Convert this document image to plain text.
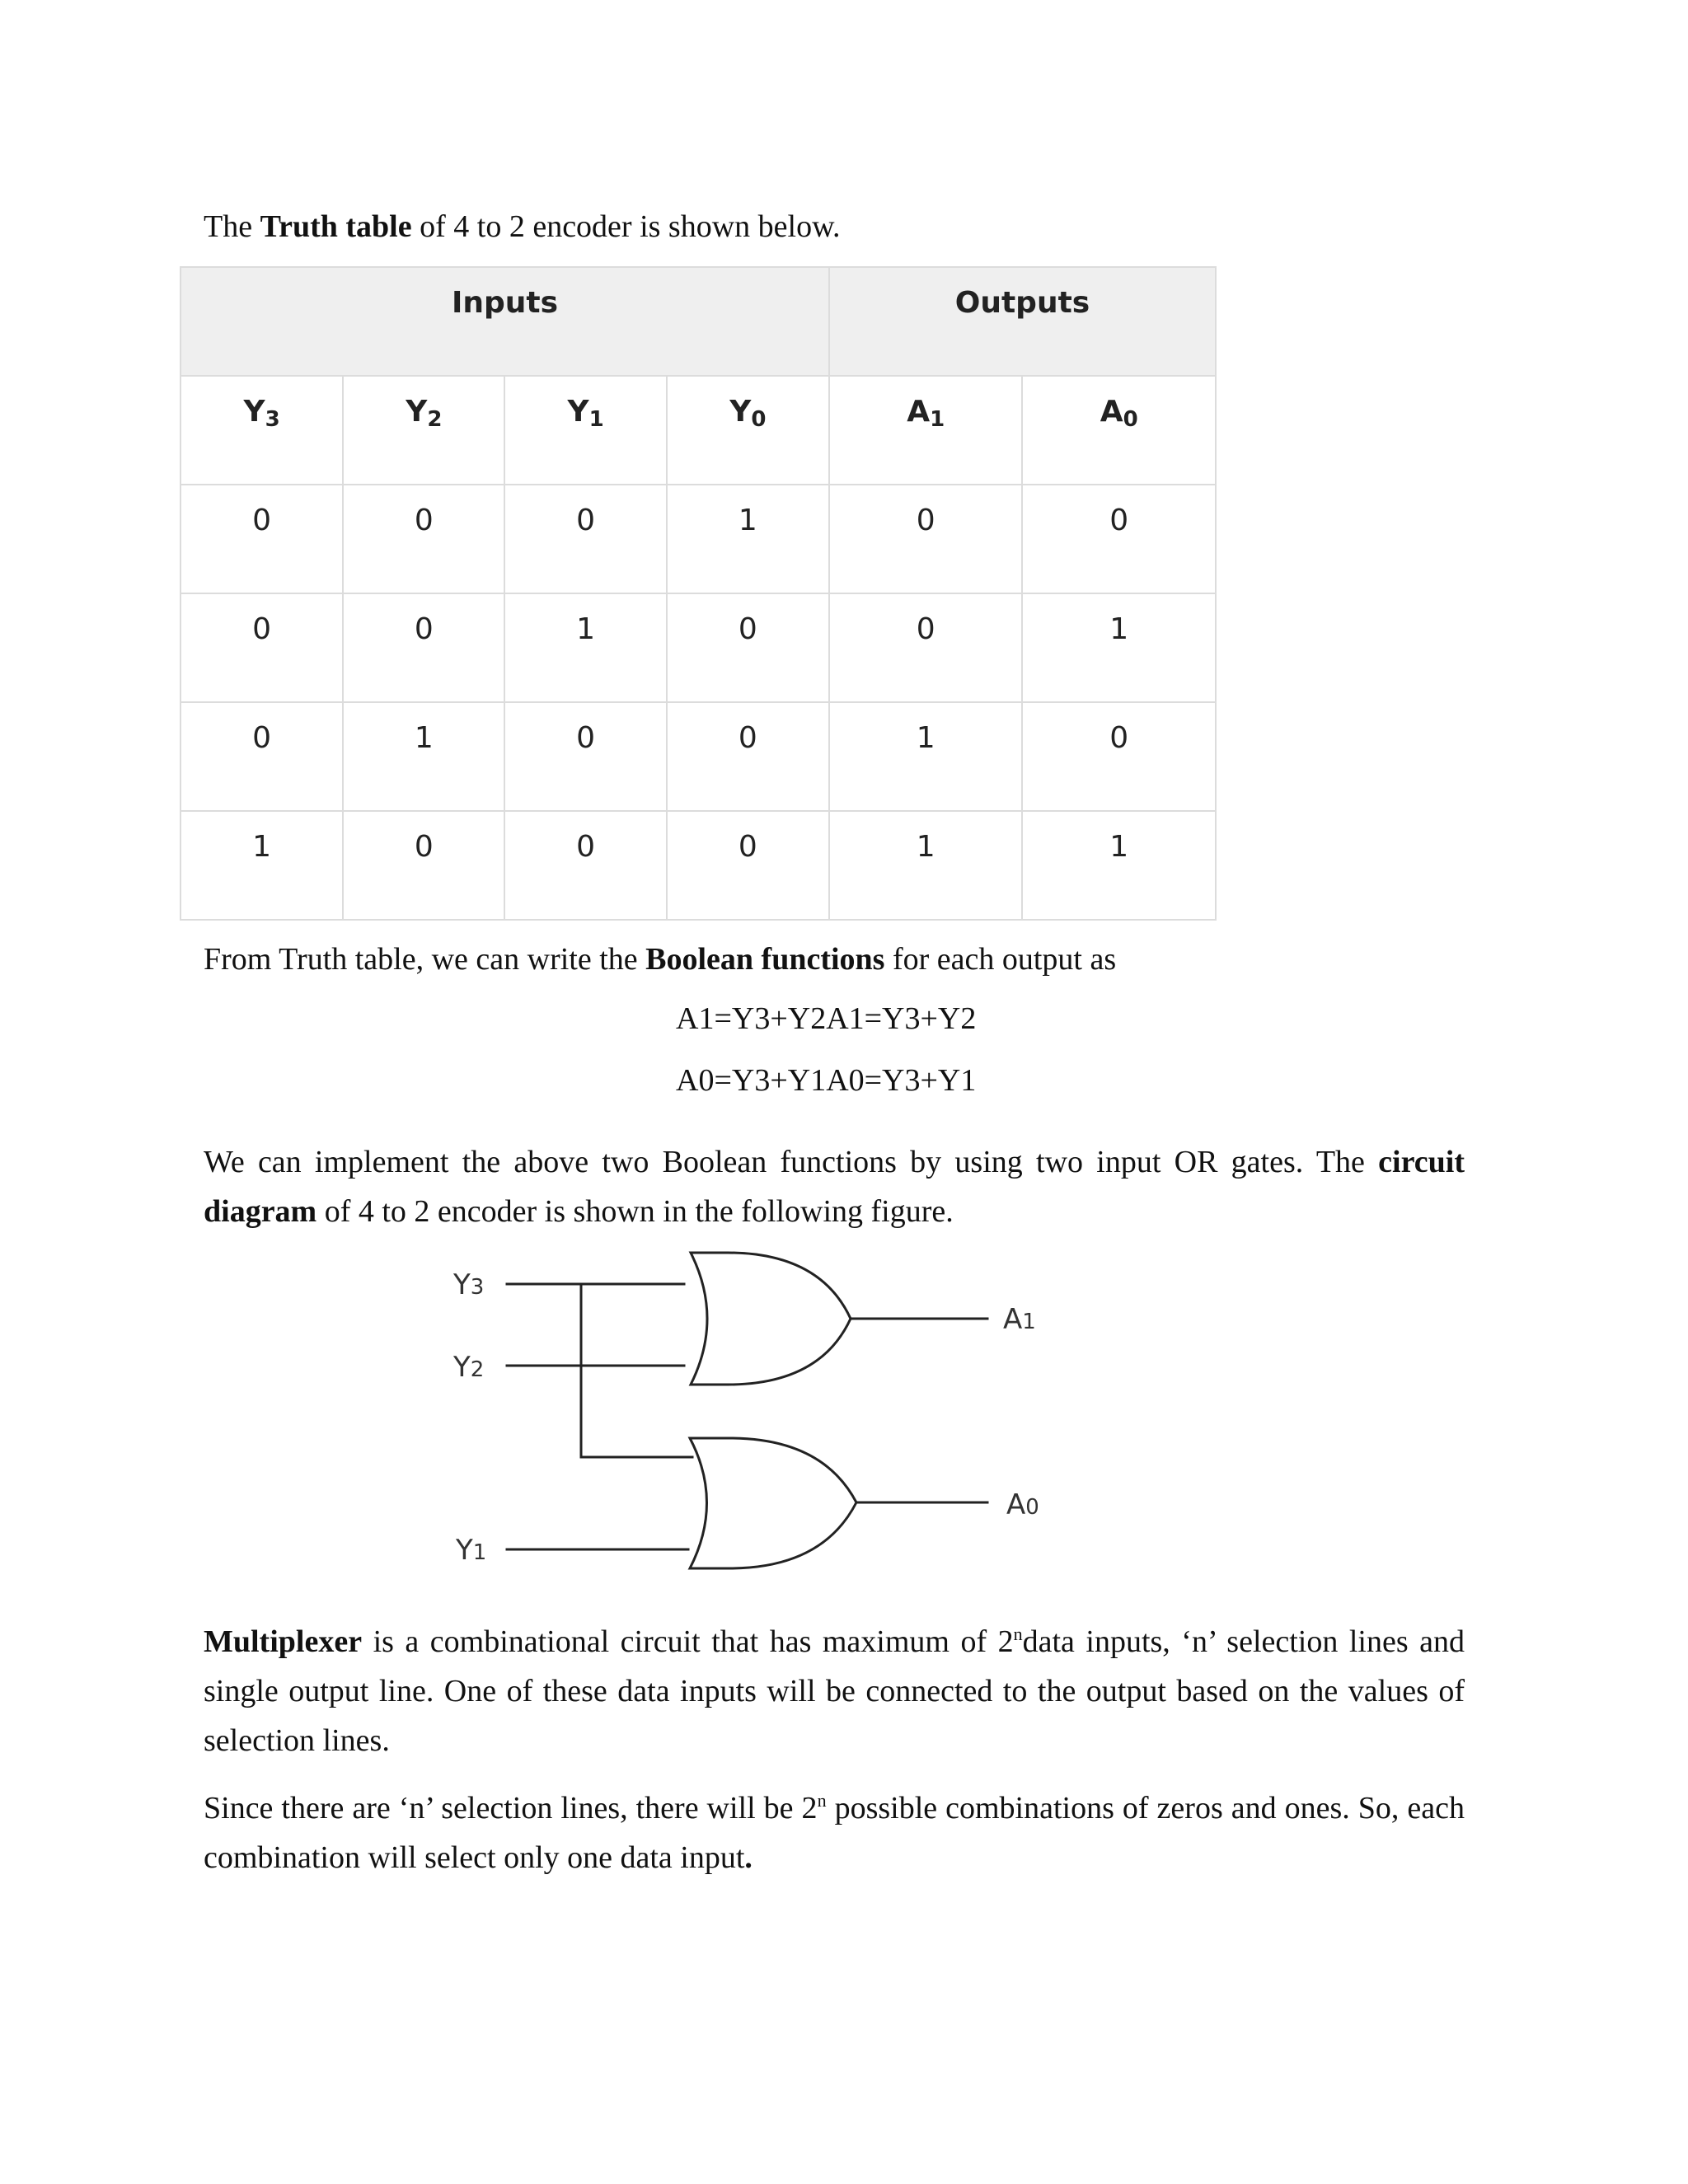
The Truth table of 4 to 2 encoder is shown below.
Inputs				Outputs	
$Y_3$	$Y_2$	$Y_1$	$Y_0$	$A_1$	$A_0$
0	0	0	1	0	0
0	0	1	0	0	1
0	1	0	0	1	0
1	0	0	0	1	1
From Truth table, we can write the Boolean functions for each output as
A1=Y3+Y2A1=Y3+Y2
A0=Y3+Y1A0=Y3+Y1
We can implement the above two Boolean functions by using two input OR gates. The circuit diagram of 4 to 2 encoder is shown in the following figure.
Y3
Y2
Y1
A1
A0
Multiplexer is a combinational circuit that has maximum of 2$^n$data inputs, ‘n’ selection lines and single output line. One of these data inputs will be connected to the output based on the values of selection lines.
Since there are ‘n’ selection lines, there will be 2$^n$ possible combinations of zeros and ones. So, each combination will select only one data input.
